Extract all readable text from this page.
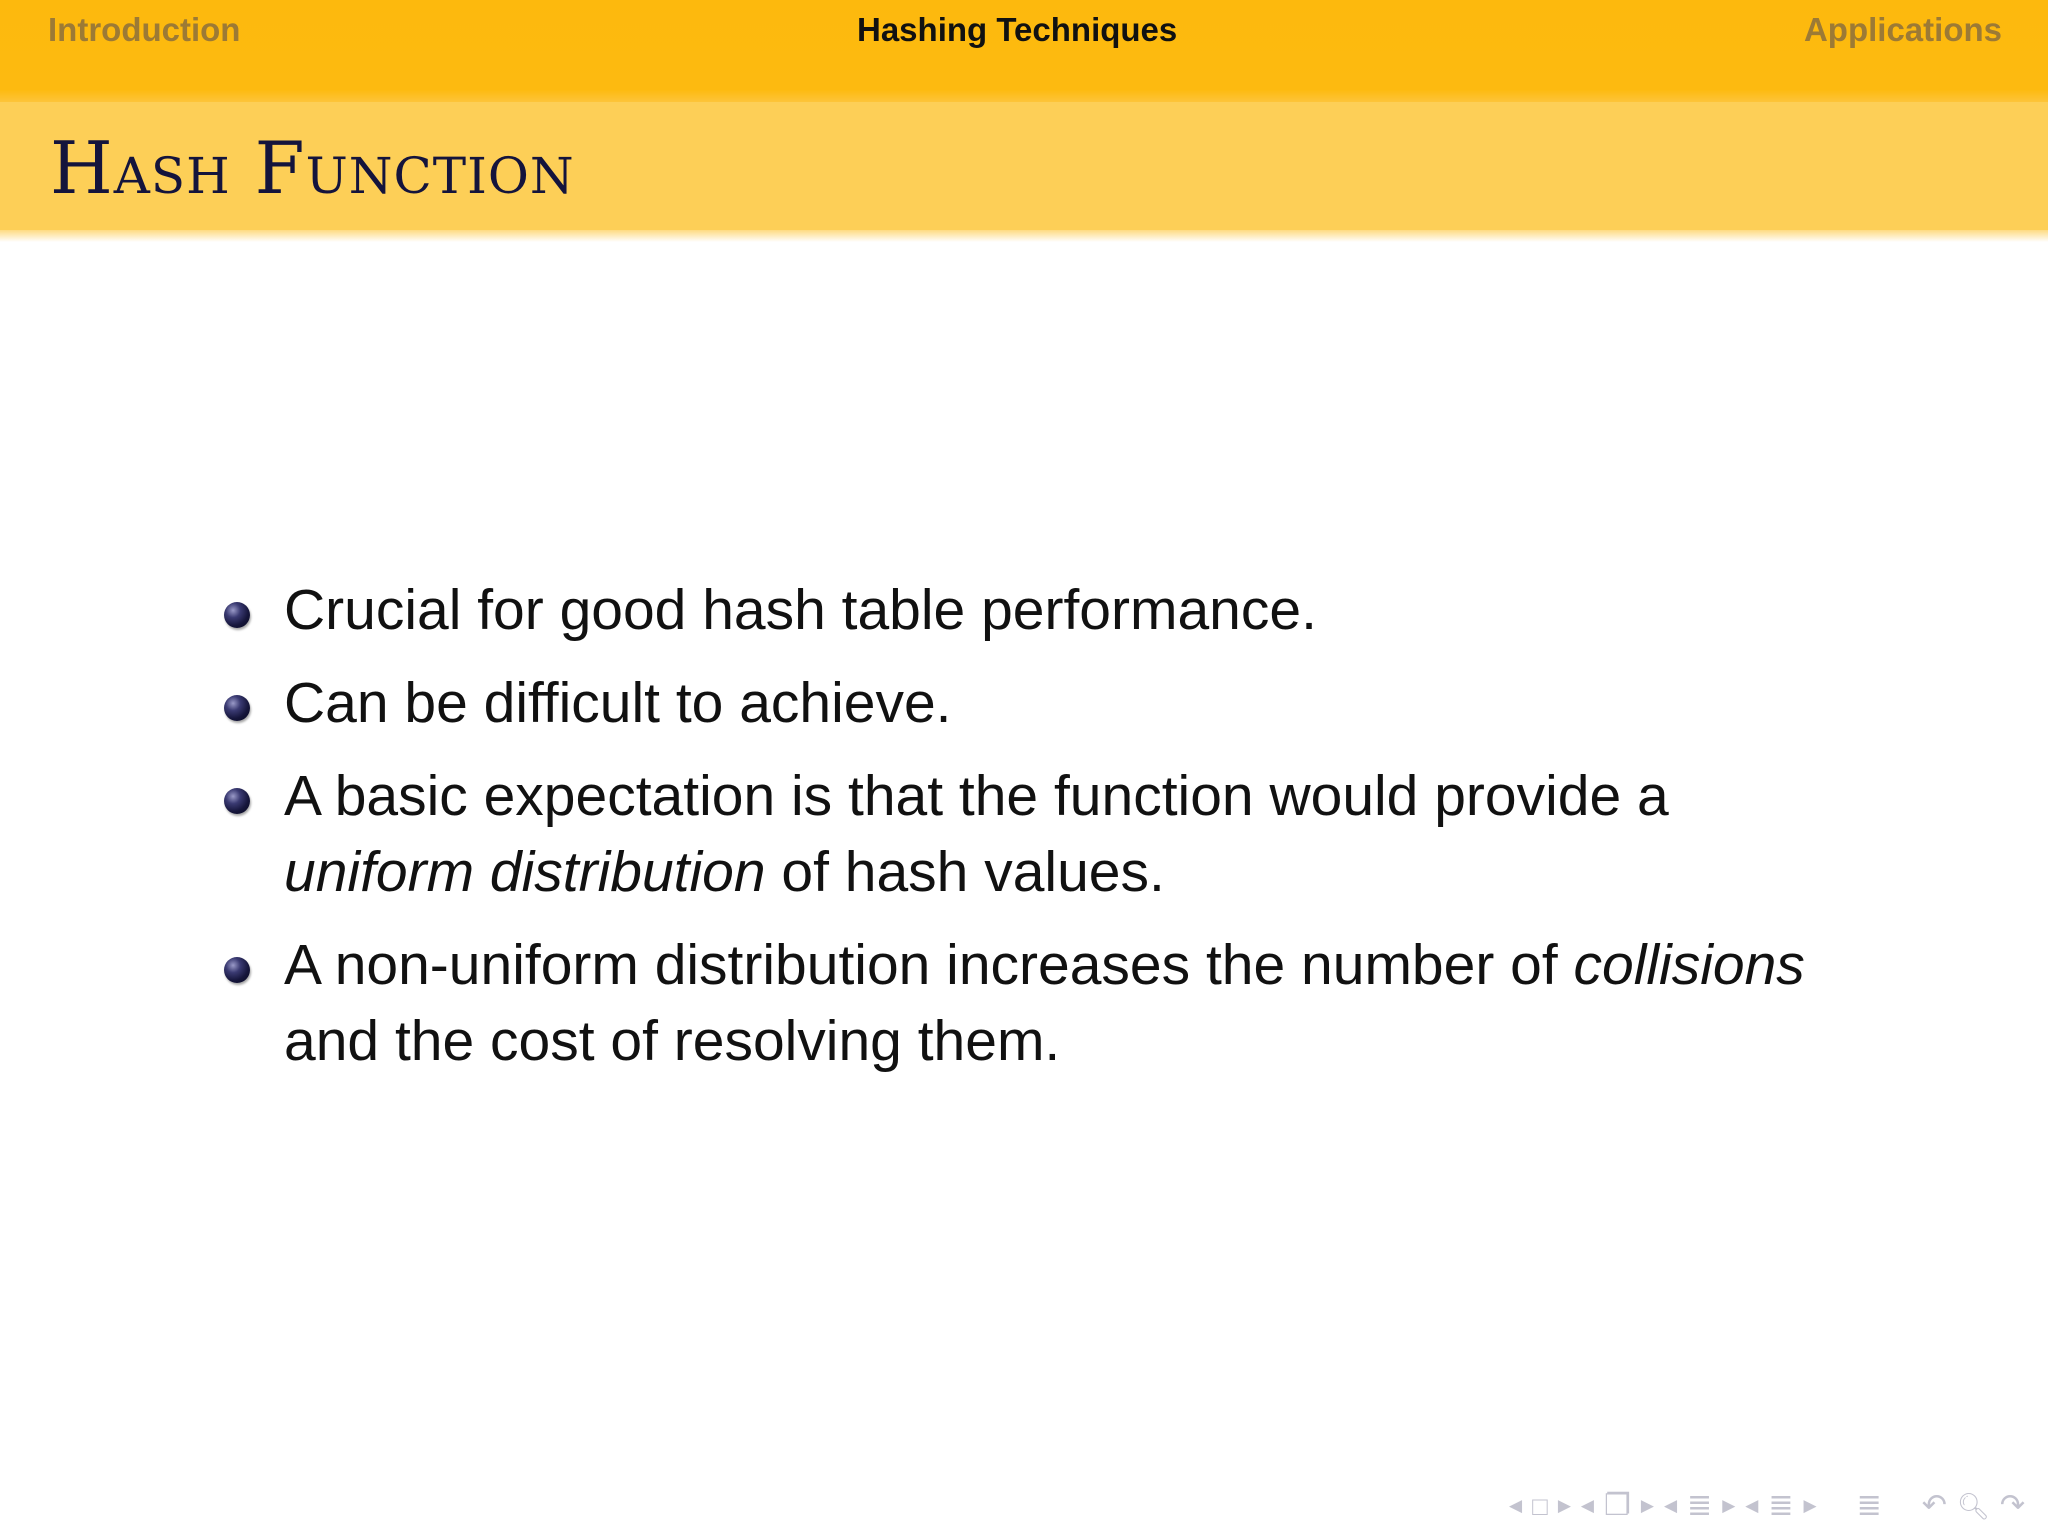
Introduction	Hashing Techniques	Applications
Hash Function
Crucial for good hash table performance.
Can be difficult to achieve.
A basic expectation is that the function would provide a uniform distribution of hash values.
A non-uniform distribution increases the number of collisions and the cost of resolving them.
◀ □ ▶ ◀ ❐ ▶ ◀ ≣ ▶ ◀ ≣ ▶ ≣ ↶ 🔍︎ ↷
